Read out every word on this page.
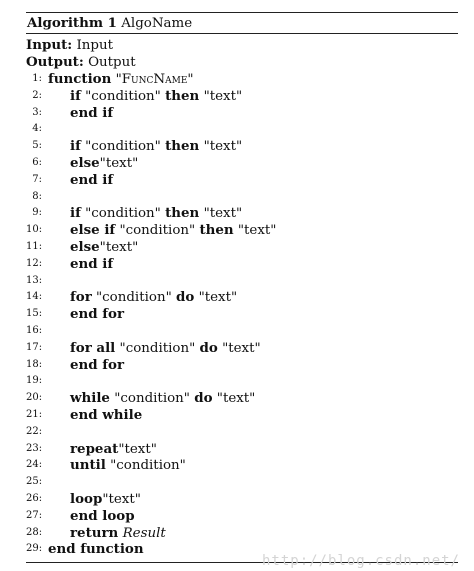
Algorithm 1 AlgoName
Input: Input
Output: Output
1: function "FuncName"
2: if "condition" then "text"
3: end if
4:
5: if "condition" then "text"
6: else"text"
7: end if
8:
9: if "condition" then "text"
10: else if "condition" then "text"
11: else"text"
12: end if
13:
14: for "condition" do "text"
15: end for
16:
17: for all "condition" do "text"
18: end for
19:
20: while "condition" do "text"
21: end while
22:
23: repeat"text"
24: until "condition"
25:
26: loop"text"
27: end loop
28: return Result
29: end function
http://blog.csdn.net/
